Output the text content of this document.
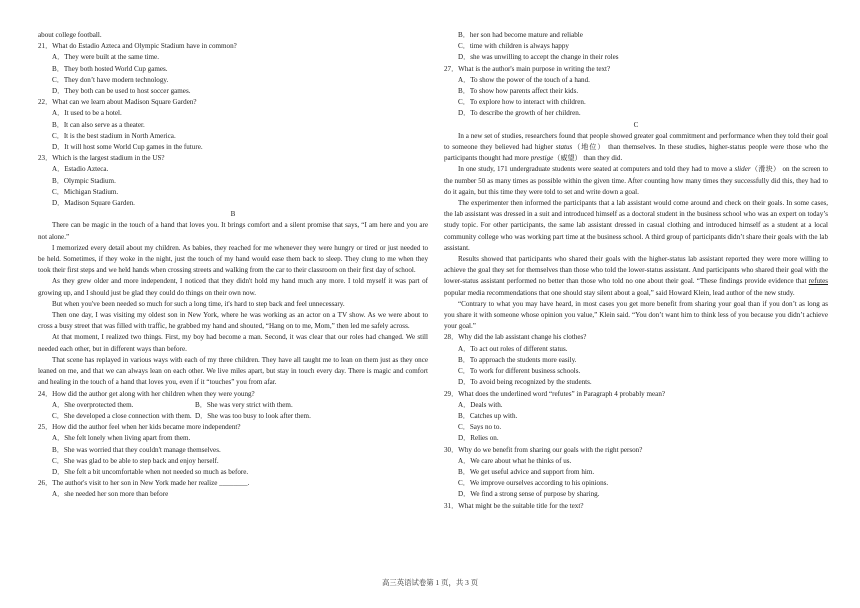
about college football.
21．What do Estadio Azteca and Olympic Stadium have in common?
A．They were built at the same time.
B．They both hosted World Cup games.
C．They don’t have modern technology.
D．They both can be used to host soccer games.
22．What can we learn about Madison Square Garden?
A．It used to be a hotel.
B．It can also serve as a theater.
C．It is the best stadium in North America.
D．It will host some World Cup games in the future.
23．Which is the largest stadium in the US?
A．Estadio Azteca.
B．Olympic Stadium.
C．Michigan Stadium.
D．Madison Square Garden.
B
There can be magic in the touch of a hand that loves you. It brings comfort and a silent promise that says, “I am here and you are not alone.”
I memorized every detail about my children. As babies, they reached for me whenever they were hungry or tired or just needed to be held. Sometimes, if they woke in the night, just the touch of my hand would ease them back to sleep. They clung to me when they took their first steps and we held hands when crossing streets and walking from the car to their classroom on their first day of school.
As they grew older and more independent, I noticed that they didn't hold my hand much any more. I told myself it was part of growing up, and I should just be glad they could do things on their own now.
But when you've been needed so much for such a long time, it's hard to step back and feel unnecessary.
Then one day, I was visiting my oldest son in New York, where he was working as an actor on a TV show. As we were about to cross a busy street that was filled with traffic, he grabbed my hand and shouted, “Hang on to me, Mom,” then led me safely across.
At that moment, I realized two things. First, my boy had become a man. Second, it was clear that our roles had changed. We still needed each other, but in different ways than before.
That scene has replayed in various ways with each of my three children. They have all taught me to lean on them just as they once leaned on me, and that we can always lean on each other. We live miles apart, but stay in touch every day. There is magic and comfort and healing in the touch of a hand that loves you, even if it “touches” you from afar.
24．How did the author get along with her children when they were young?
A．She overprotected them.	B．She was very strict with them.
C．She developed a close connection with them. D．She was too busy to look after them.
25．How did the author feel when her kids became more independent?
A．She felt lonely when living apart from them.
B．She was worried that they couldn't manage themselves.
C．She was glad to be able to step back and enjoy herself.
D．She felt a bit uncomfortable when not needed so much as before.
26．The author's visit to her son in New York made her realize ________.
A．she needed her son more than before
B．her son had become mature and reliable
C．time with children is always happy
D．she was unwilling to accept the change in their roles
27．What is the author's main purpose in writing the text?
A．To show the power of the touch of a hand.
B．To show how parents affect their kids.
C．To explore how to interact with children.
D．To describe the growth of her children.
C
In a new set of studies, researchers found that people showed greater goal commitment and performance when they told their goal to someone they believed had higher status（地位） than themselves. In these studies, higher-status people were those who the participants thought had more prestige（威望） than they did.
In one study, 171 undergraduate students were seated at computers and told they had to move a slider（滑块） on the screen to the number 50 as many times as possible within the given time. After counting how many times they successfully did this, they had to do it again, but this time they were told to set and write down a goal.
The experimenter then informed the participants that a lab assistant would come around and check on their goals. In some cases, the lab assistant was dressed in a suit and introduced himself as a doctoral student in the business school who was an expert on today’s study topic. For other participants, the same lab assistant dressed in casual clothing and introduced himself as a student at a local community college who was working part time at the business school. A third group of participants didn’t share their goals with the lab assistant.
Results showed that participants who shared their goals with the higher-status lab assistant reported they were more willing to achieve the goal they set for themselves than those who told the lower-status assistant. And participants who shared their goal with the lower-status assistant performed no better than those who told no one about their goal. “These findings provide evidence that refutes popular media recommendations that one should stay silent about a goal,” said Howard Klein, lead author of the new study.
“Contrary to what you may have heard, in most cases you get more benefit from sharing your goal than if you don’t as long as you share it with someone whose opinion you value,” Klein said. “You don’t want him to think less of you because you didn’t achieve your goal.”
28．Why did the lab assistant change his clothes?
A．To act out roles of different status.
B．To approach the students more easily.
C．To work for different business schools.
D．To avoid being recognized by the students.
29．What does the underlined word “refutes” in Paragraph 4 probably mean?
A．Deals with.
B．Catches up with.
C．Says no to.
D．Relies on.
30．Why do we benefit from sharing our goals with the right person?
A．We care about what he thinks of us.
B．We get useful advice and support from him.
C．We improve ourselves according to his opinions.
D．We find a strong sense of purpose by sharing.
31．What might be the suitable title for the text?
高三英语试卷第 1 页，共 3 页
